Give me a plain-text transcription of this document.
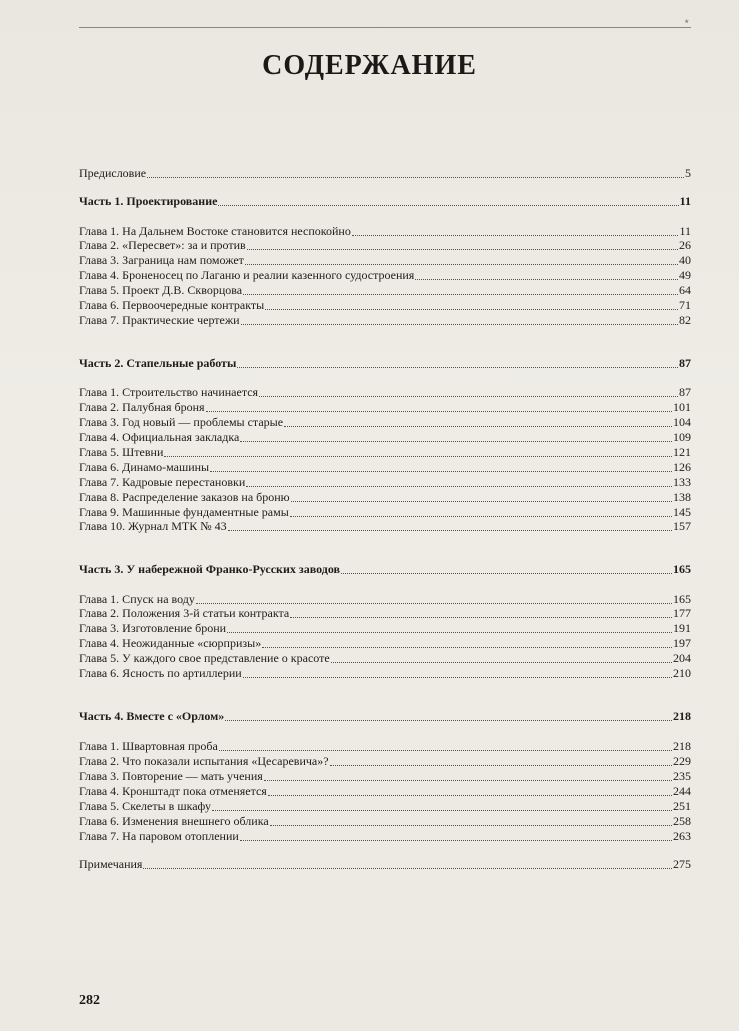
٭
СОДЕРЖАНИЕ
Предисловие	5
Часть 1. Проектирование	11
Глава 1. На Дальнем Востоке становится неспокойно	11
Глава 2. «Пересвет»: за и против	26
Глава 3. Заграница нам поможет	40
Глава 4. Броненосец по Лаганю и реалии казенного судостроения	49
Глава 5. Проект Д.В. Скворцова	64
Глава 6. Первоочередные контракты	71
Глава 7. Практические чертежи	82
Часть 2. Стапельные работы	87
Глава 1. Строительство начинается	87
Глава 2. Палубная броня	101
Глава 3. Год новый — проблемы старые	104
Глава 4. Официальная закладка	109
Глава 5. Штевни	121
Глава 6. Динамо-машины	126
Глава 7. Кадровые перестановки	133
Глава 8. Распределение заказов на броню	138
Глава 9. Машинные фундаментные рамы	145
Глава 10. Журнал МТК № 43	157
Часть 3. У набережной Франко-Русских заводов	165
Глава 1. Спуск на воду	165
Глава 2. Положения 3-й статьи контракта	177
Глава 3. Изготовление брони	191
Глава 4. Неожиданные «сюрпризы»	197
Глава 5. У каждого свое представление о красоте	204
Глава 6. Ясность по артиллерии	210
Часть 4. Вместе с «Орлом»	218
Глава 1. Швартовная проба	218
Глава 2. Что показали испытания «Цесаревича»?	229
Глава 3. Повторение — мать учения	235
Глава 4. Кронштадт пока отменяется	244
Глава 5. Скелеты в шкафу	251
Глава 6. Изменения внешнего облика	258
Глава 7. На паровом отоплении	263
Примечания	275
282
